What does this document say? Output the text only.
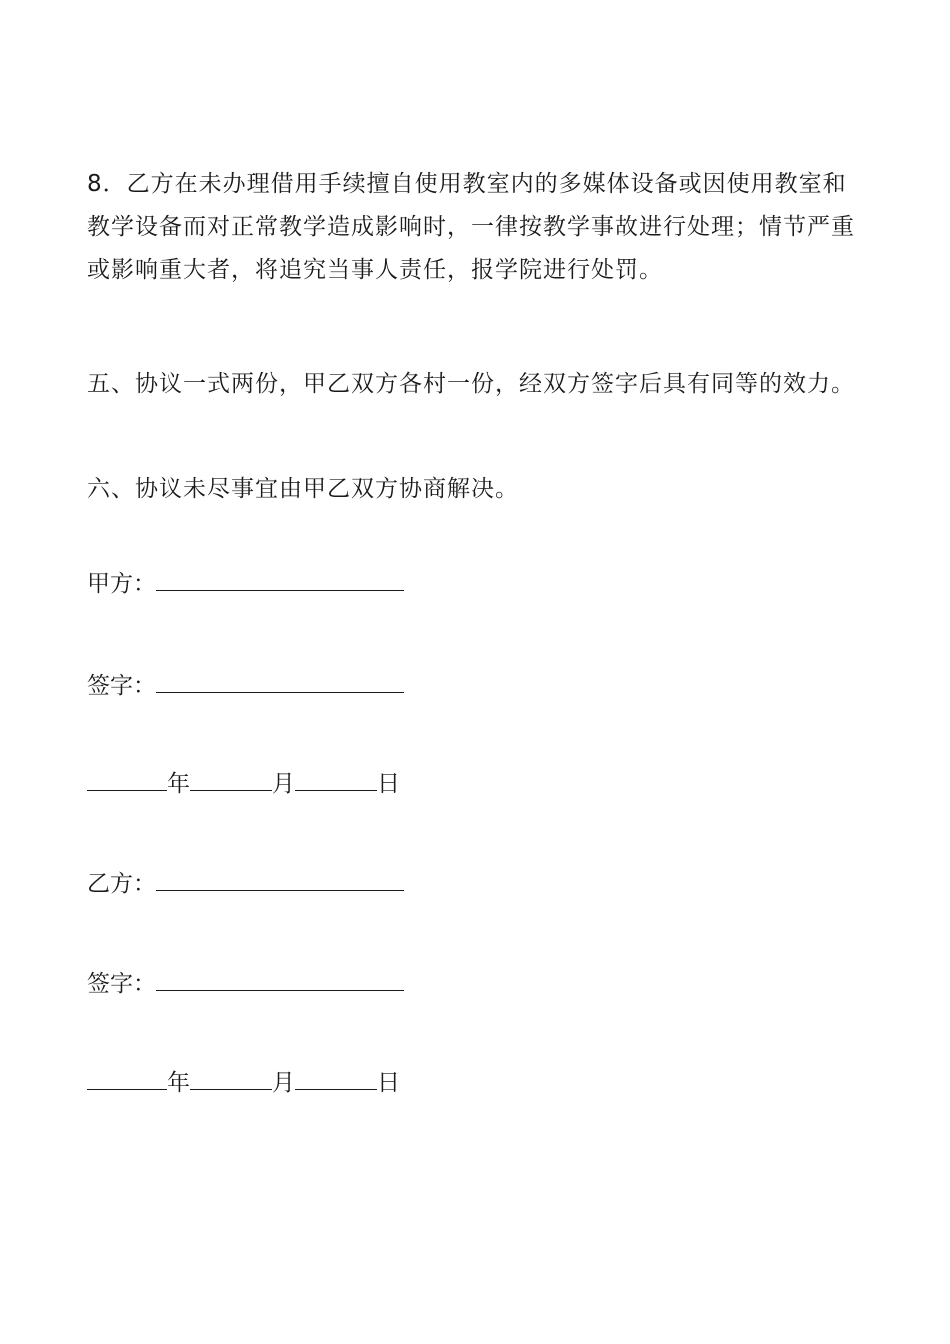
8．乙方在未办理借用手续擅自使用教室内的多媒体设备或因使用教室和教学设备而对正常教学造成影响时，一律按教学事故进行处理；情节严重或影响重大者，将追究当事人责任，报学院进行处罚。

五、协议一式两份，甲乙双方各村一份，经双方签字后具有同等的效力。

六、协议未尽事宜由甲乙双方协商解决。

甲方：
签字：
年	月	日
乙方：
签字：
年	月	日
